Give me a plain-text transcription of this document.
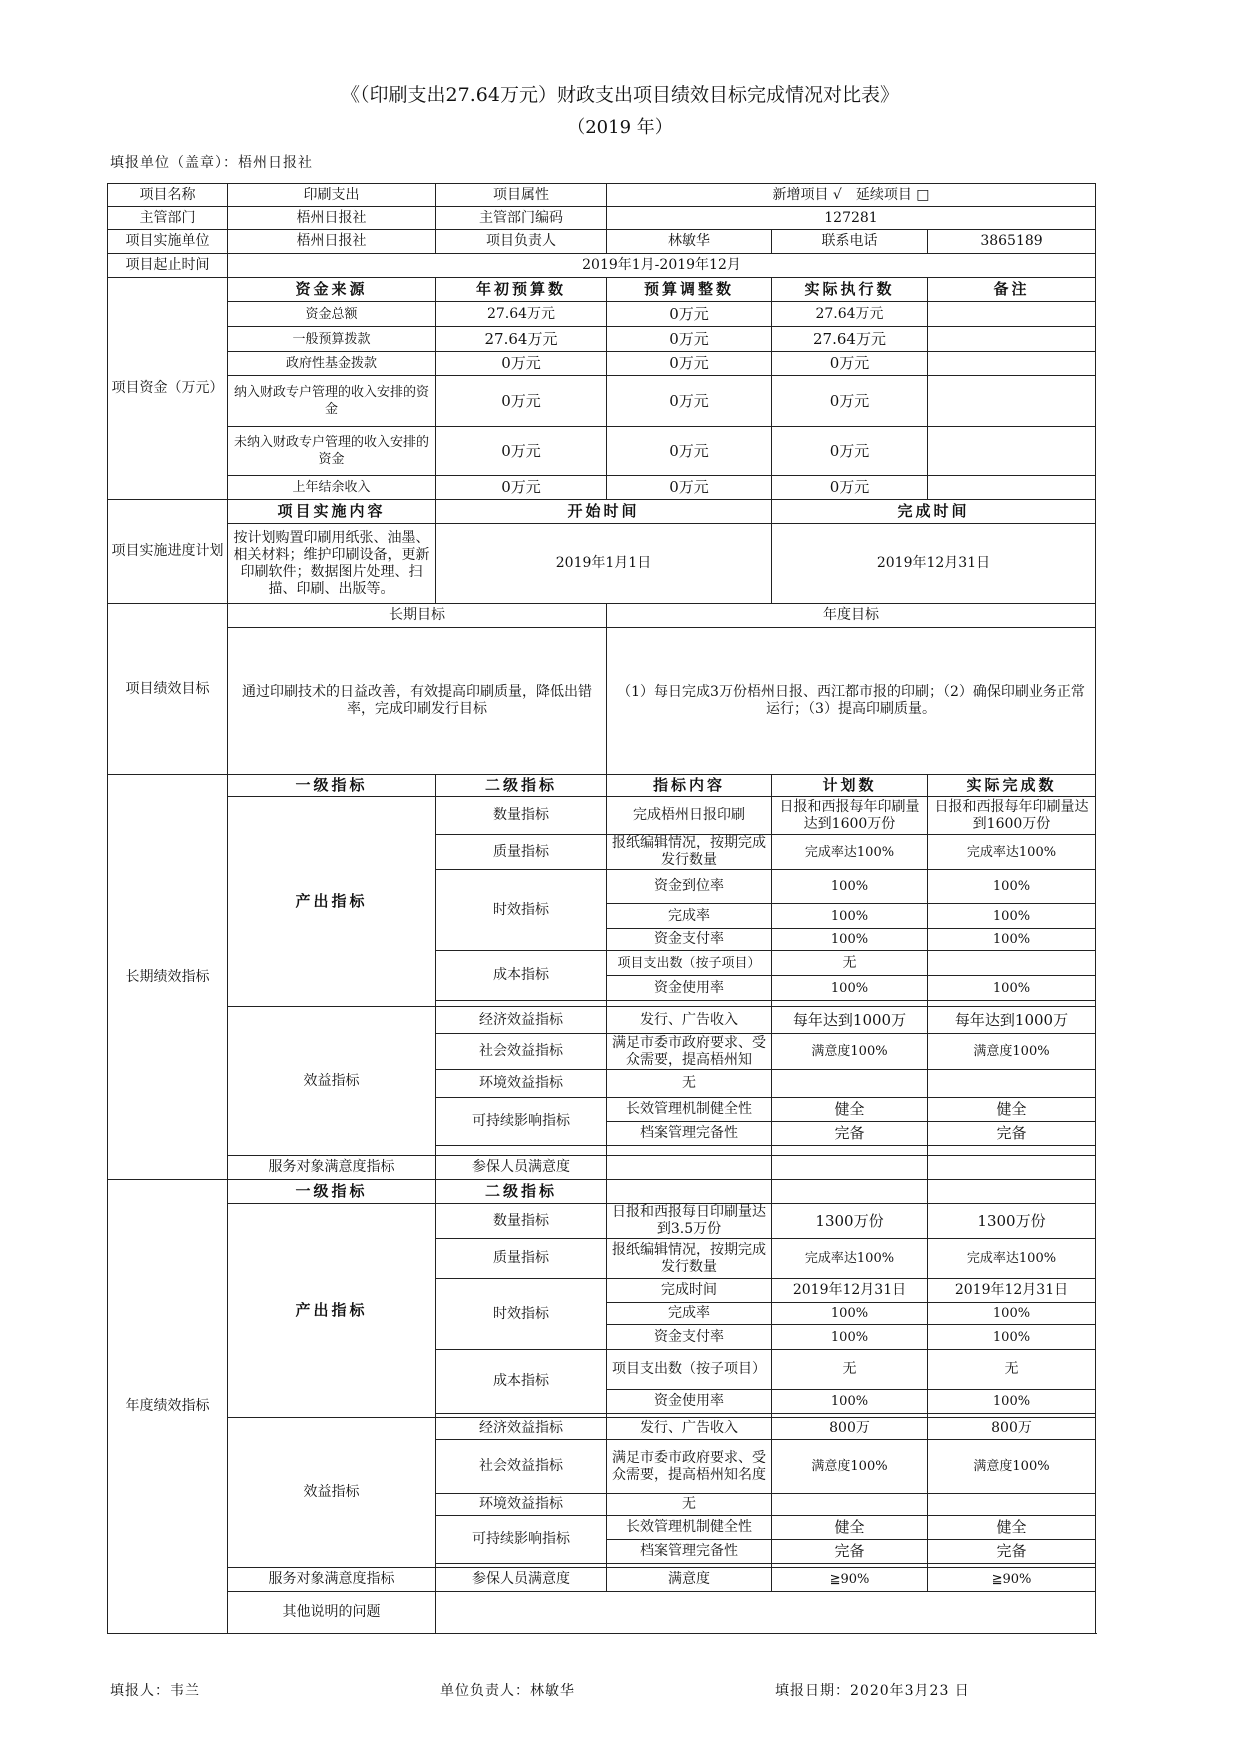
《（印刷支出27.64万元）财政支出项目绩效目标完成情况对比表》
（2019 年）
填报单位（盖章）：梧州日报社
项目名称	印刷支出	项目属性	新增项目 √　延续项目 □		
主管部门	梧州日报社	主管部门编码	127281		
项目实施单位	梧州日报社	项目负责人	林敏华	联系电话	3865189
项目起止时间	2019年1月-2019年12月				
项目资金（万元）	资金来源	年初预算数	预算调整数	实际执行数	备注
	资金总额	27.64万元	0万元	27.64万元	
	一般预算拨款	27.64万元	0万元	27.64万元	
	政府性基金拨款	0万元	0万元	0万元	
	纳入财政专户管理的收入安排的资金	0万元	0万元	0万元	
	未纳入财政专户管理的收入安排的资金	0万元	0万元	0万元	
	上年结余收入	0万元	0万元	0万元	
项目实施进度计划	项目实施内容	开始时间		完成时间	
	按计划购置印刷用纸张、油墨、相关材料；维护印刷设备，更新印刷软件；数据图片处理、扫描、印刷、出版等。	2019年1月1日		2019年12月31日	
项目绩效目标	长期目标		年度目标		
	通过印刷技术的日益改善，有效提高印刷质量，降低出错率，完成印刷发行目标		（1）每日完成3万份梧州日报、西江都市报的印刷；（2）确保印刷业务正常运行；（3）提高印刷质量。		
长期绩效指标	一级指标	二级指标	指标内容	计划数	实际完成数
	产出指标	数量指标	完成梧州日报印刷	日报和西报每年印刷量达到1600万份	日报和西报每年印刷量达到1600万份
		质量指标	报纸编辑情况，按期完成发行数量	完成率达100%	完成率达100%
		时效指标	资金到位率	100%	100%
			完成率	100%	100%
			资金支付率	100%	100%
		成本指标	项目支出数（按子项目）	无	
			资金使用率	100%	100%

	效益指标	经济效益指标	发行、广告收入	每年达到1000万	每年达到1000万
		社会效益指标	满足市委市政府要求、受众需要，提高梧州知	满意度100%	满意度100%
		环境效益指标	无		
		可持续影响指标	长效管理机制健全性	健全	健全
			档案管理完备性	完备	完备

	服务对象满意度指标	参保人员满意度			
年度绩效指标	一级指标	二级指标			
	产出指标	数量指标	日报和西报每日印刷量达到3.5万份	1300万份	1300万份
		质量指标	报纸编辑情况，按期完成发行数量	完成率达100%	完成率达100%
		时效指标	完成时间	2019年12月31日	2019年12月31日
			完成率	100%	100%
			资金支付率	100%	100%
		成本指标	项目支出数（按子项目）	无	无
			资金使用率	100%	100%

	效益指标	经济效益指标	发行、广告收入	800万	800万
		社会效益指标	满足市委市政府要求、受众需要，提高梧州知名度	满意度100%	满意度100%
		环境效益指标	无		
		可持续影响指标	长效管理机制健全性	健全	健全
			档案管理完备性	完备	完备

	服务对象满意度指标	参保人员满意度	满意度	≧90%	≧90%
	其他说明的问题				
填报人：韦兰	单位负责人：林敏华	填报日期：2020年3月23 日
